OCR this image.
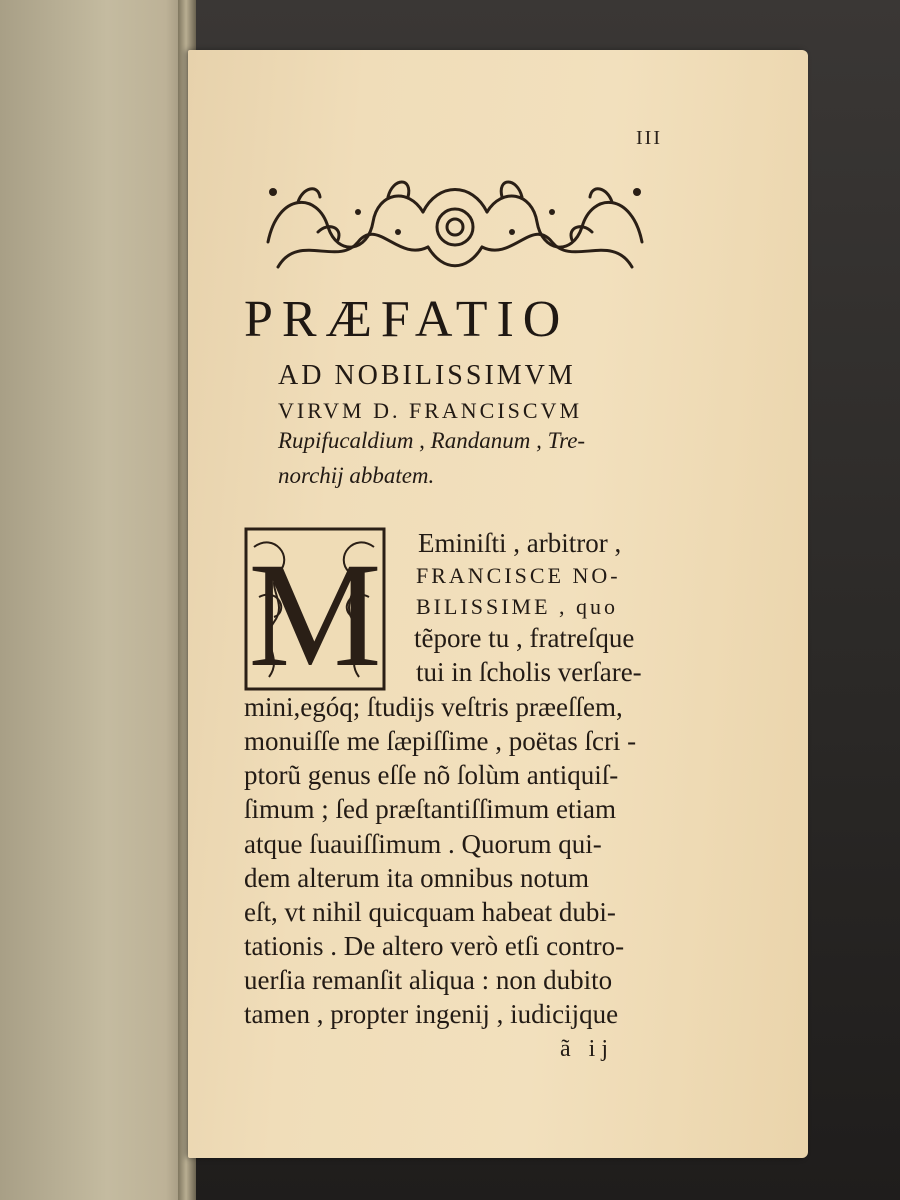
III
PRÆFATIO
AD NOBILISSIMVM
VIRVM D. FRANCISCVM
Rupifucaldium , Randanum , Tre-
norchij abbatem.
M Eminiſti , arbitror ,
FRANCISCE NO-
BILISSIME , quo
tẽpore tu , fratreſque
tui in ſcholis verſare-
mini,egóq; ſtudijs veſtris præeſſem,
monuiſſe me ſæpiſſime , poëtas ſcri -
ptorũ genus eſſe nõ ſolùm antiquiſ-
ſimum ; ſed præſtantiſſimum etiam
atque ſuauiſſimum . Quorum qui-
dem alterum ita omnibus notum
eſt, vt nihil quicquam habeat dubi-
tationis . De altero verò etſi contro-
uerſia remanſit aliqua : non dubito
tamen , propter ingenij , iudicijque
ã ij
